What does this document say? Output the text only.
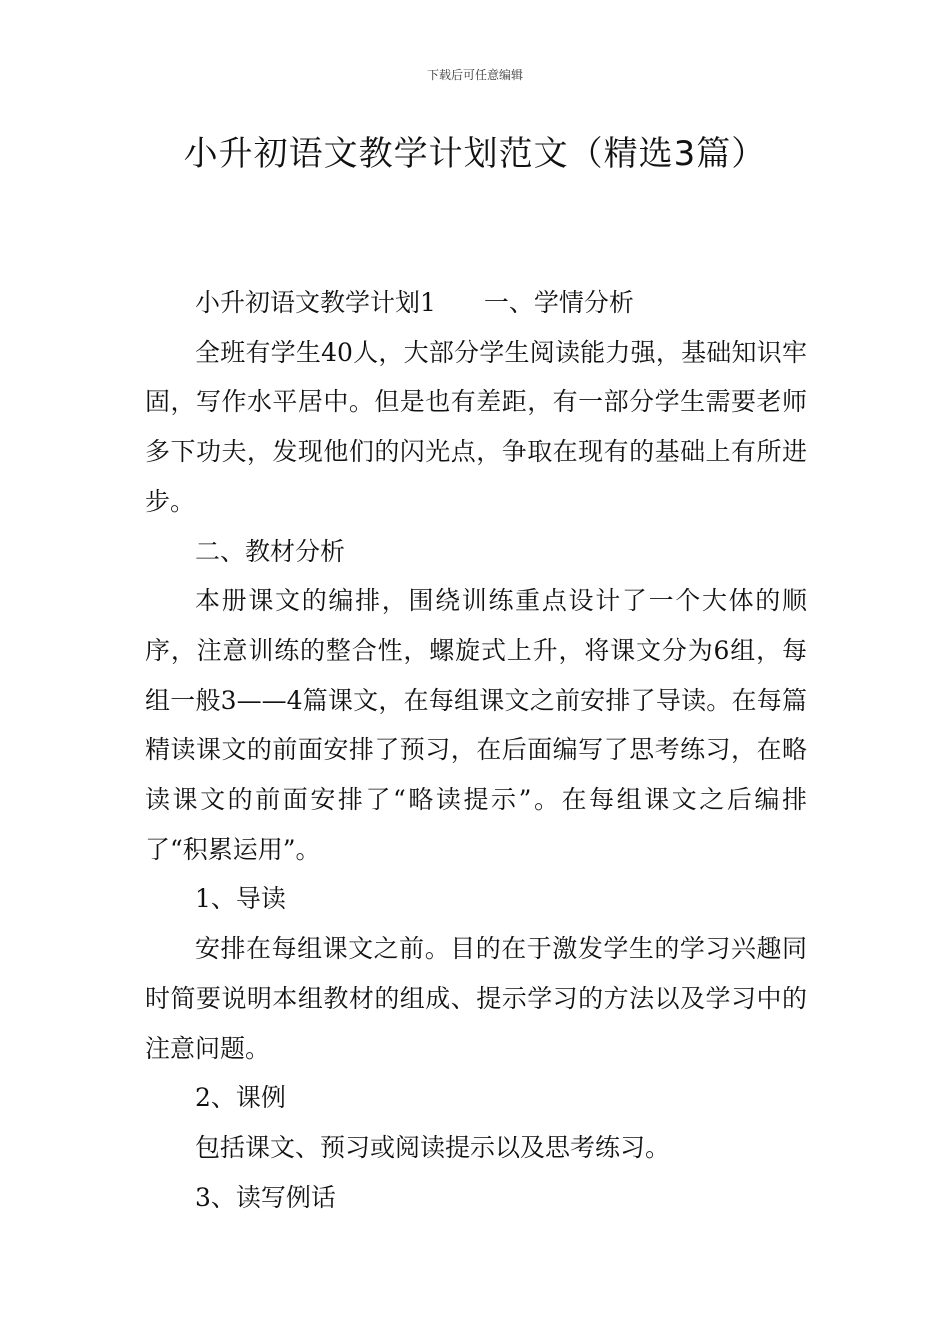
下载后可任意编辑
小升初语文教学计划范文（精选3篇）

小升初语文教学计划1 一、学情分析

全班有学生40人，大部分学生阅读能力强，基础知识牢固，写作水平居中。但是也有差距，有一部分学生需要老师多下功夫，发现他们的闪光点，争取在现有的基础上有所进步。

二、教材分析

本册课文的编排，围绕训练重点设计了一个大体的顺序，注意训练的整合性，螺旋式上升，将课文分为6组，每组一般3——4篇课文，在每组课文之前安排了导读。在每篇精读课文的前面安排了预习，在后面编写了思考练习，在略读课文的前面安排了“略读提示”。在每组课文之后编排了“积累运用”。

1、导读

安排在每组课文之前。目的在于激发学生的学习兴趣同时简要说明本组教材的组成、提示学习的方法以及学习中的注意问题。

2、课例

包括课文、预习或阅读提示以及思考练习。

3、读写例话
